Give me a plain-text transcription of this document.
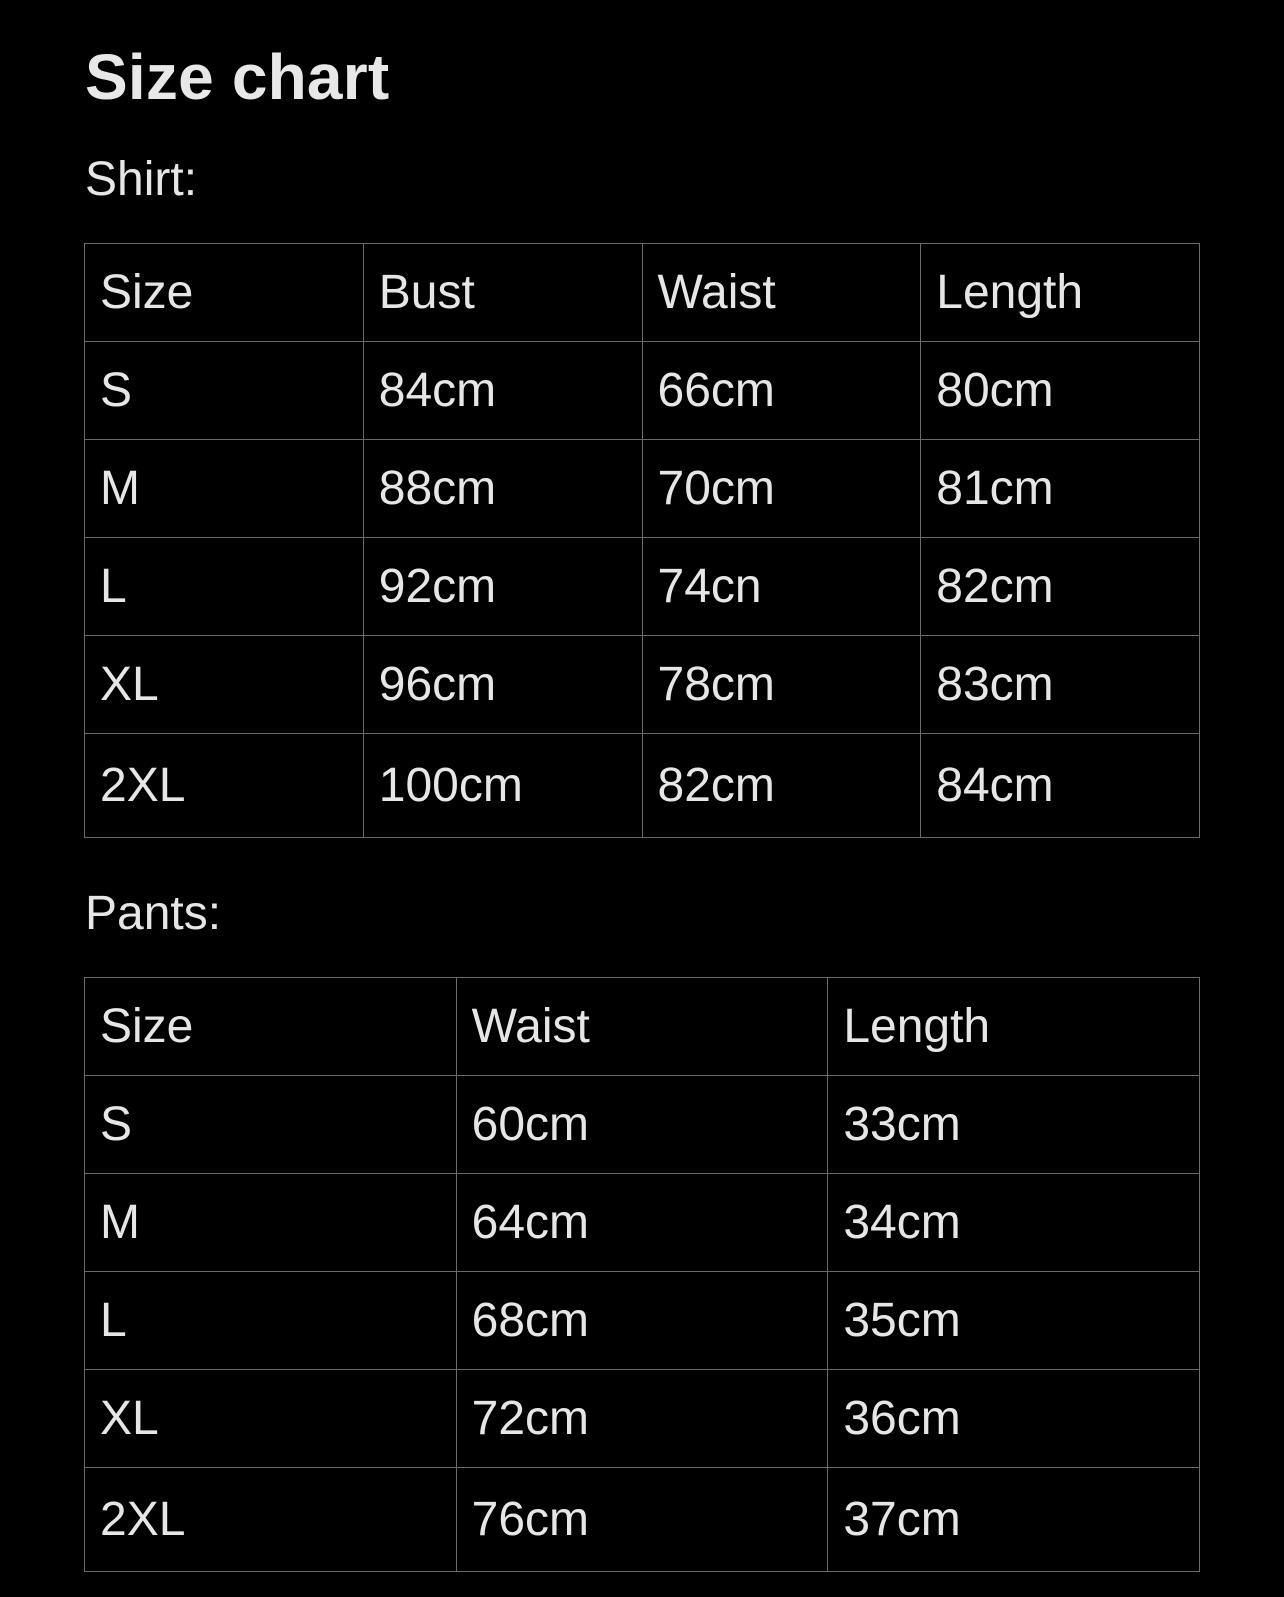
Size chart

Shirt:

Size	Bust	Waist	Length
S	84cm	66cm	80cm
M	88cm	70cm	81cm
L	92cm	74cn	82cm
XL	96cm	78cm	83cm
2XL	100cm	82cm	84cm

Pants:

Size	Waist	Length
S	60cm	33cm
M	64cm	34cm
L	68cm	35cm
XL	72cm	36cm
2XL	76cm	37cm
